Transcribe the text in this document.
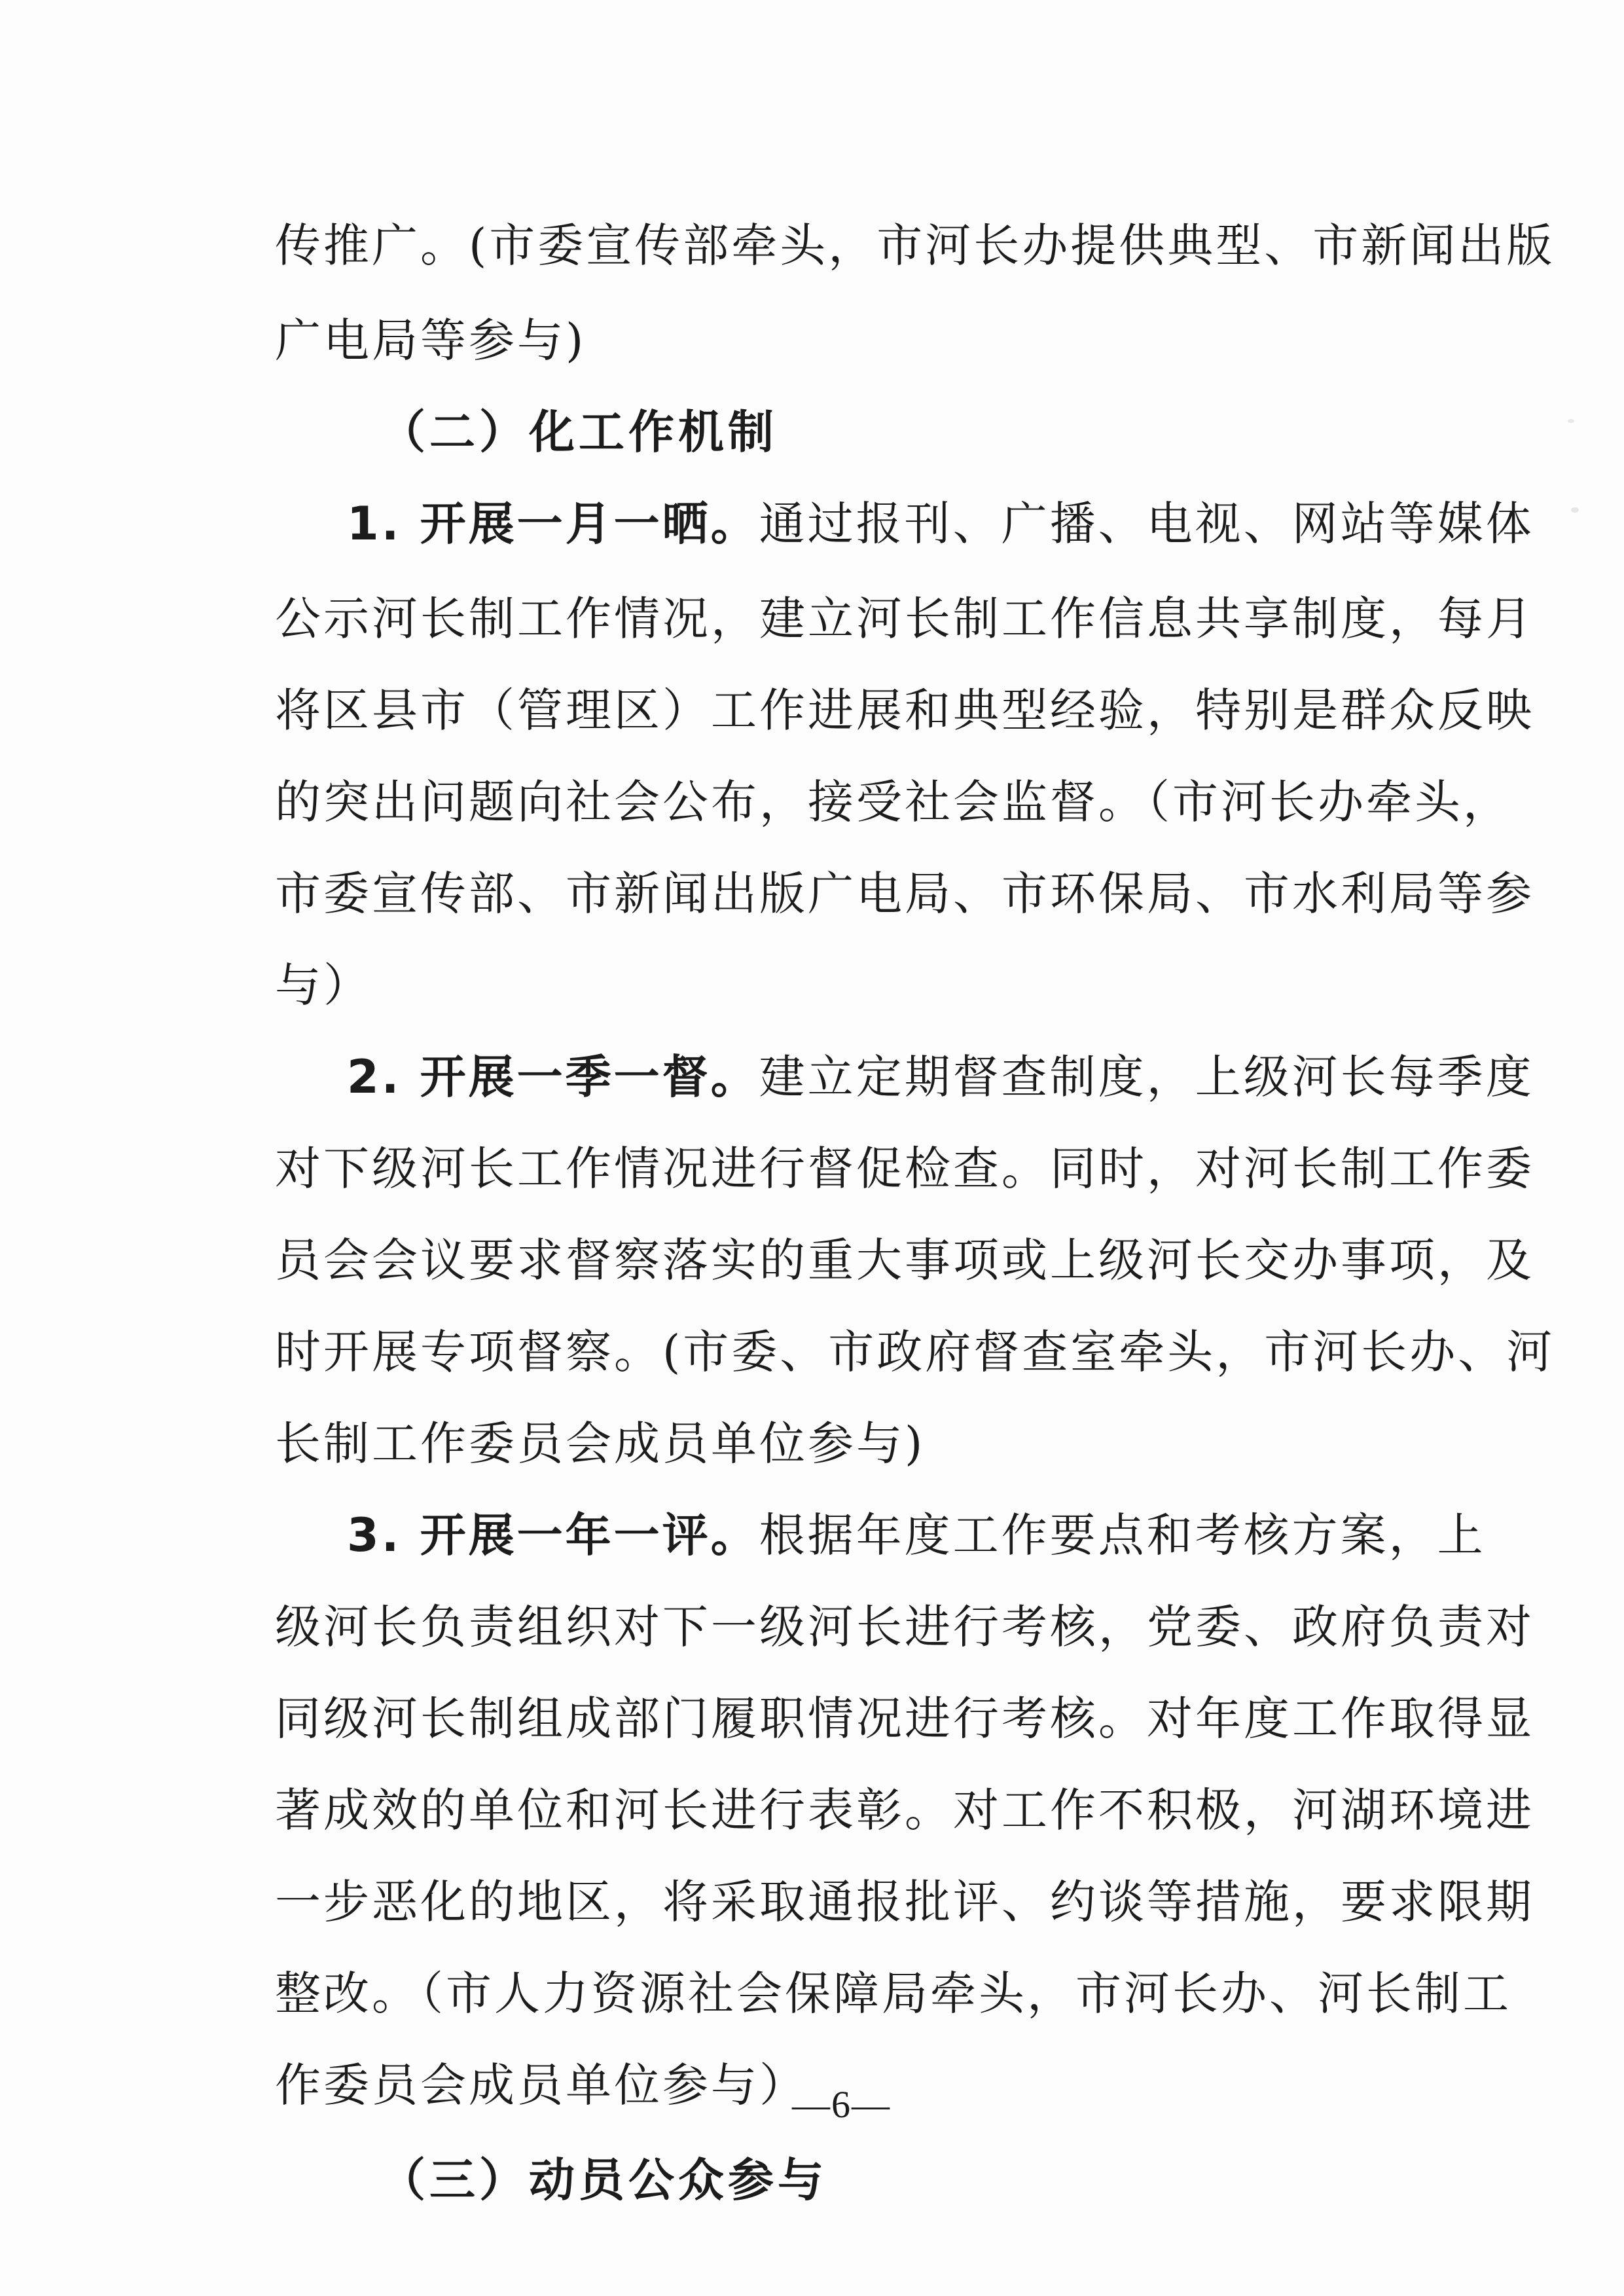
传推广。(市委宣传部牵头，市河长办提供典型、市新闻出版
广电局等参与)
（二）化工作机制
1. 开展一月一晒。通过报刊、广播、电视、网站等媒体
公示河长制工作情况，建立河长制工作信息共享制度，每月
将区县市（管理区）工作进展和典型经验，特别是群众反映
的突出问题向社会公布，接受社会监督。（市河长办牵头，
市委宣传部、市新闻出版广电局、市环保局、市水利局等参
与）
2. 开展一季一督。建立定期督查制度，上级河长每季度
对下级河长工作情况进行督促检查。同时，对河长制工作委
员会会议要求督察落实的重大事项或上级河长交办事项，及
时开展专项督察。(市委、市政府督查室牵头，市河长办、河
长制工作委员会成员单位参与)
3. 开展一年一评。根据年度工作要点和考核方案，上
级河长负责组织对下一级河长进行考核，党委、政府负责对
同级河长制组成部门履职情况进行考核。对年度工作取得显
著成效的单位和河长进行表彰。对工作不积极，河湖环境进
一步恶化的地区，将采取通报批评、约谈等措施，要求限期
整改。（市人力资源社会保障局牵头，市河长办、河长制工
作委员会成员单位参与）
（三）动员公众参与
—6—
